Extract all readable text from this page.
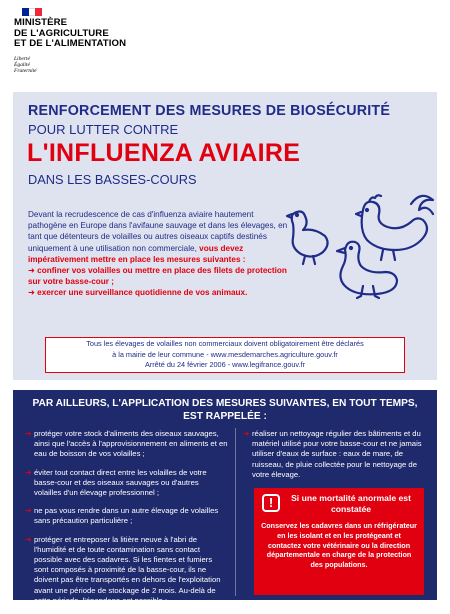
MINISTÈRE
DE L'AGRICULTURE
ET DE L'ALIMENTATION
Liberté
Égalité
Fraternité
RENFORCEMENT DES MESURES DE BIOSÉCURITÉ
POUR LUTTER CONTRE
L'INFLUENZA AVIAIRE
DANS LES BASSES-COURS
Devant la recrudescence de cas d'influenza aviaire hautement pathogène en Europe dans l'avifaune sauvage et dans les élevages, en tant que détenteurs de volailles ou autres oiseaux captifs destinés uniquement à une utilisation non commerciale, vous devez impérativement mettre en place les mesures suivantes :
➜ confiner vos volailles ou mettre en place des filets de protection sur votre basse-cour ;
➜ exercer une surveillance quotidienne de vos animaux.
Tous les élevages de volailles non commerciaux doivent obligatoirement être déclarés
à la mairie de leur commune - www.mesdemarches.agriculture.gouv.fr
Arrêté du 24 février 2006 - www.legifrance.gouv.fr
PAR AILLEURS, L'APPLICATION DES MESURES SUIVANTES, EN TOUT TEMPS,
EST RAPPELÉE :
➜ protéger votre stock d'aliments des oiseaux sauvages, ainsi que l'accès à l'approvisionnement en aliments et en eau de boisson de vos volailles ;
➜ éviter tout contact direct entre les volailles de votre basse-cour et des oiseaux sauvages ou d'autres volailles d'un élevage professionnel ;
➜ ne pas vous rendre dans un autre élevage de volailles sans précaution particulière ;
➜ protéger et entreposer la litière neuve à l'abri de l'humidité et de toute contamination sans contact possible avec des cadavres. Si les fientes et fumiers sont composés à proximité de la basse-cour, ils ne doivent pas être transportés en dehors de l'exploitation avant une période de stockage de 2 mois. Au-delà de cette période, l'épandage est possible ;
➜ réaliser un nettoyage régulier des bâtiments et du matériel utilisé pour votre basse-cour et ne jamais utiliser d'eaux de surface : eaux de mare, de ruisseau, de pluie collectée pour le nettoyage de votre élevage.
!	Si une mortalité anormale est constatée
Conservez les cadavres dans un réfrigérateur en les isolant et en les protégeant et contactez votre vétérinaire ou la direction départementale en charge de la protection des populations.
